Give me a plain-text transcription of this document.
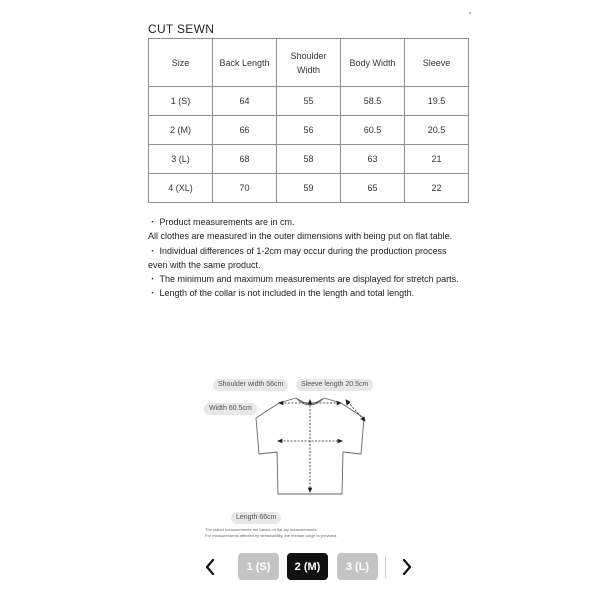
CUT SEWN
Size	Back Length	Shoulder Width	Body Width	Sleeve
1 (S)	64	55	58.5	19.5
2 (M)	66	56	60.5	20.5
3 (L)	68	58	63	21
4 (XL)	70	59	65	22

・ Product measurements are in cm.

All clothes are measured in the outer dimensions with being put on flat table.

・ Individual differences of 1-2cm may occur during the production process even with the same product.

・ The minimum and maximum measurements are displayed for stretch parts.

・ Length of the collar is not included in the length and total length.

Shoulder width 56cm	Sleeve length 20.5cm
Width 60.5cm
Length 66cm
The stated measurements are based on flat-lay measurements.
For measurements affected by stretchability, the median range is provided.
1 (S)	2 (M)	3 (L)
